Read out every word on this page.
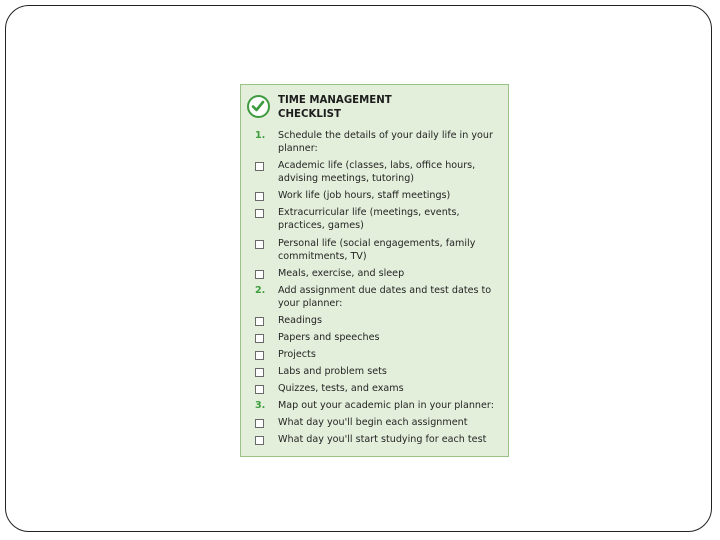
TIME MANAGEMENT
CHECKLIST
1. Schedule the details of your daily life in your planner:
Academic life (classes, labs, office hours, advising meetings, tutoring)
Work life (job hours, staff meetings)
Extracurricular life (meetings, events, practices, games)
Personal life (social engagements, family commitments, TV)
Meals, exercise, and sleep
2. Add assignment due dates and test dates to your planner:
Readings
Papers and speeches
Projects
Labs and problem sets
Quizzes, tests, and exams
3. Map out your academic plan in your planner:
What day you'll begin each assignment
What day you'll start studying for each test
